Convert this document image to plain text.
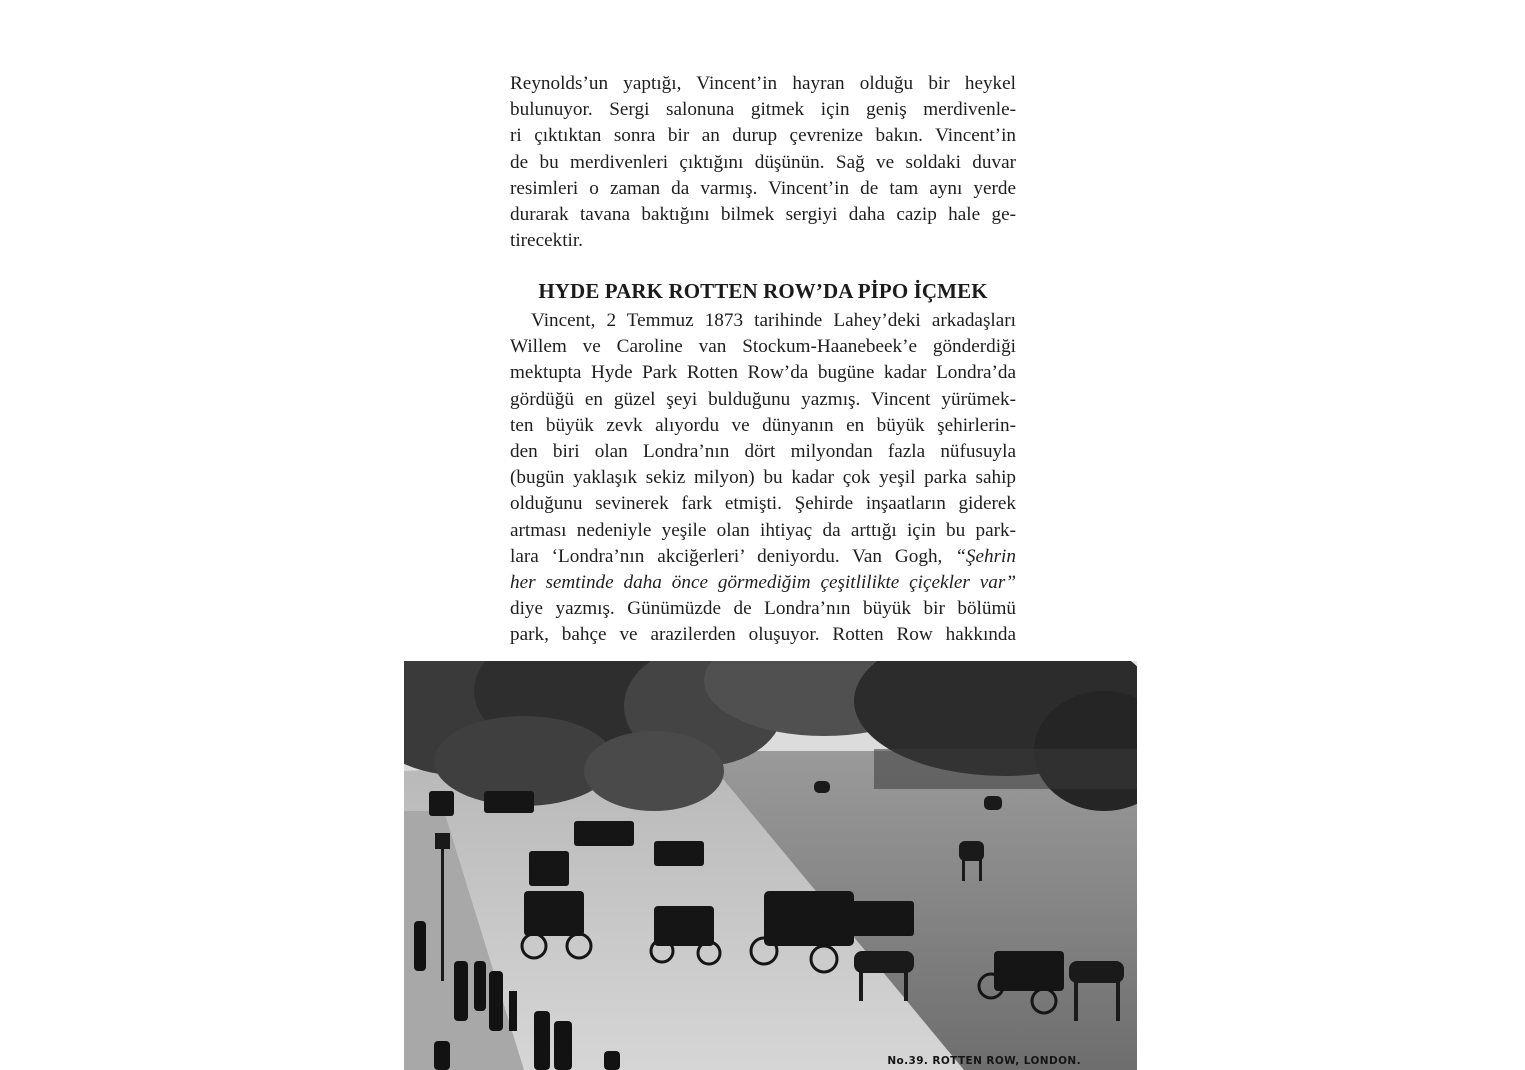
Reynolds’un yaptığı, Vincent’in hayran olduğu bir heykel
bulunuyor. Sergi salonuna gitmek için geniş merdivenle-
ri çıktıktan sonra bir an durup çevrenize bakın. Vincent’in
de bu merdivenleri çıktığını düşünün. Sağ ve soldaki duvar
resimleri o zaman da varmış. Vincent’in de tam aynı yerde
durarak tavana baktığını bilmek sergiyi daha cazip hale ge-
tirecektir.
HYDE PARK ROTTEN ROW’DA PİPO İÇMEK
Vincent, 2 Temmuz 1873 tarihinde Lahey’deki arkadaşları
Willem ve Caroline van Stockum-Haanebeek’e gönderdiği
mektupta Hyde Park Rotten Row’da bugüne kadar Londra’da
gördüğü en güzel şeyi bulduğunu yazmış. Vincent yürümek-
ten büyük zevk alıyordu ve dünyanın en büyük şehirlerin-
den biri olan Londra’nın dört milyondan fazla nüfusuyla
(bugün yaklaşık sekiz milyon) bu kadar çok yeşil parka sahip
olduğunu sevinerek fark etmişti. Şehirde inşaatların giderek
artması nedeniyle yeşile olan ihtiyaç da arttığı için bu park-
lara ‘Londra’nın akciğerleri’ deniyordu. Van Gogh, “Şehrin
her semtinde daha önce görmediğim çeşitlilikte çiçekler var”
diye yazmış. Günümüzde de Londra’nın büyük bir bölümü
park, bahçe ve arazilerden oluşuyor. Rotten Row hakkında
No.39. ROTTEN ROW, LONDON.
